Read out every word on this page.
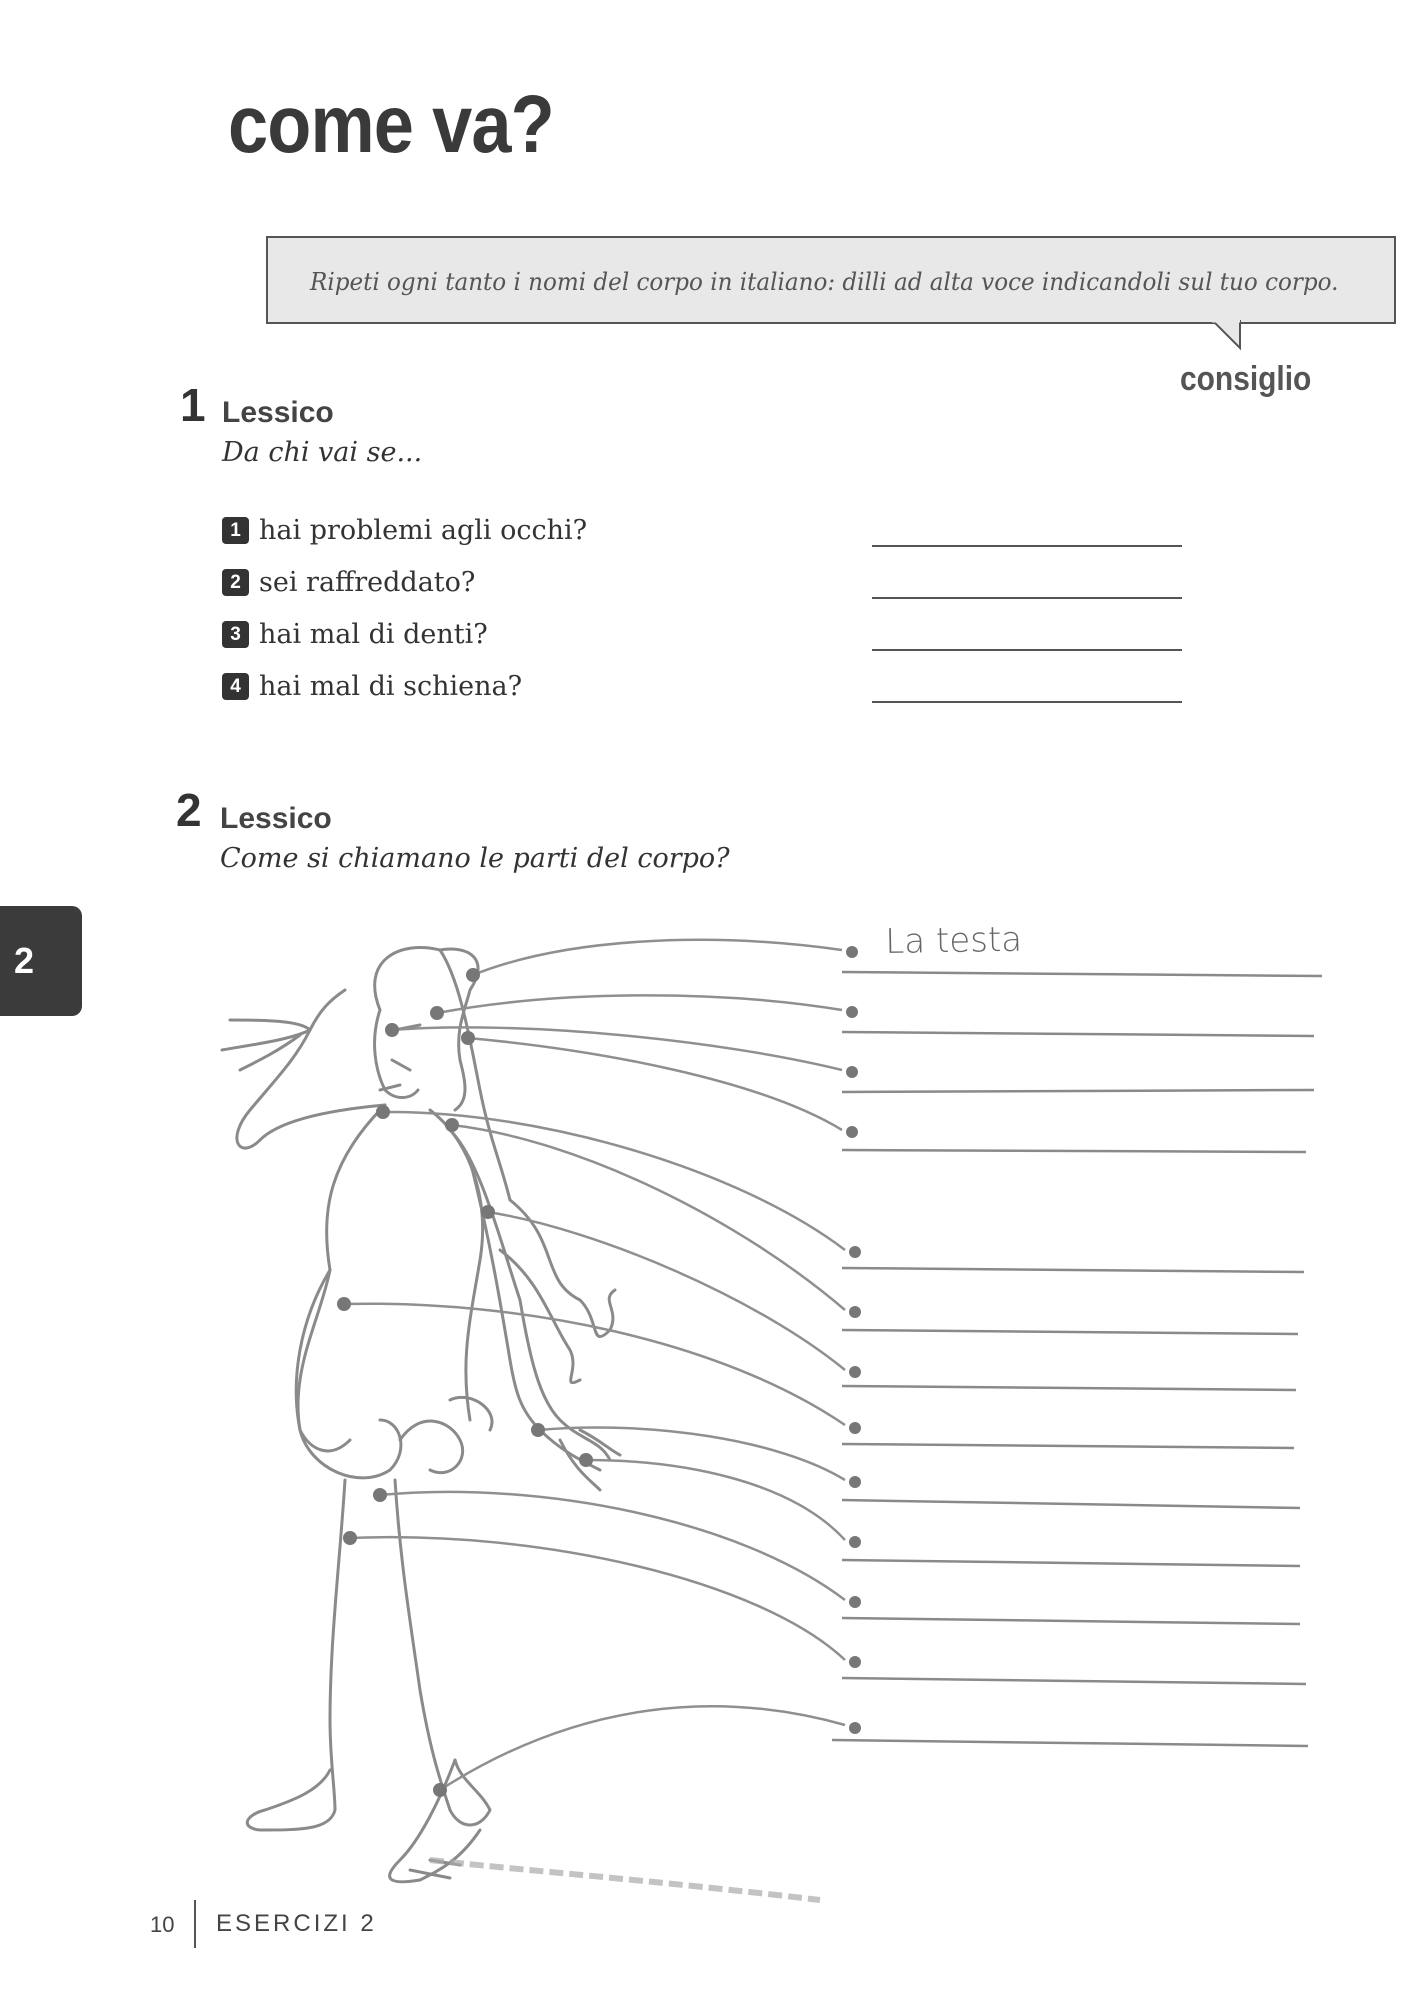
come va?
Ripeti ogni tanto i nomi del corpo in italiano: dilli ad alta voce indicandoli sul tuo corpo.
consiglio
1 Lessico
Da chi vai se...
1 hai problemi agli occhi?
2 sei raffreddato?
3 hai mal di denti?
4 hai mal di schiena?
2 Lessico
Come si chiamano le parti del corpo?
2	La testa
10 ESERCIZI 2
